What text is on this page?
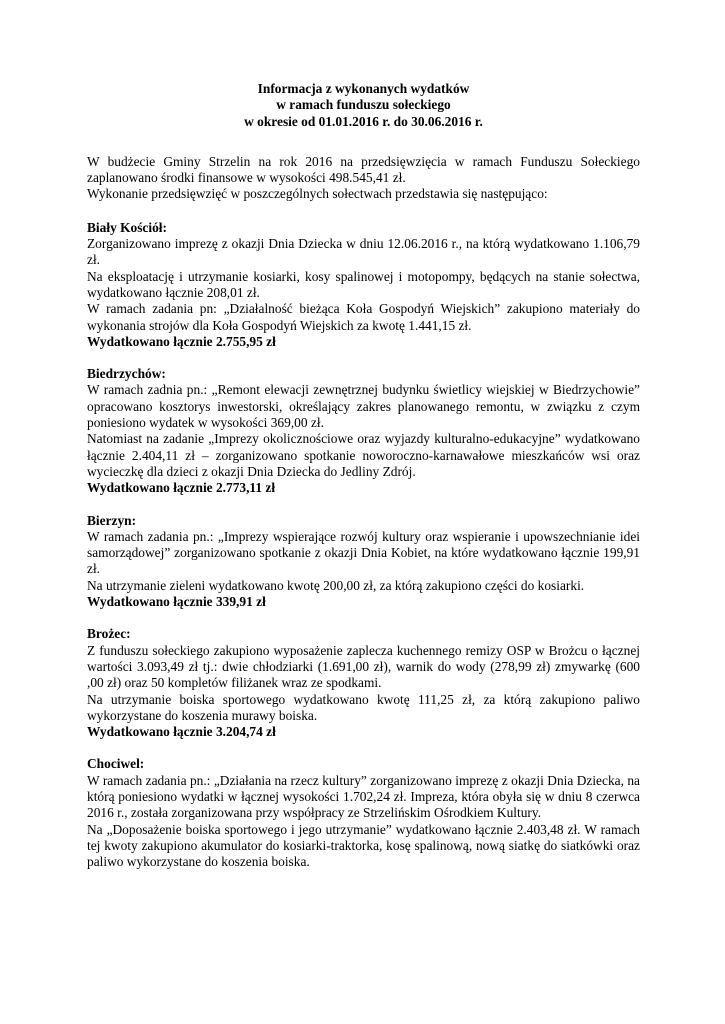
Informacja z wykonanych wydatków
w ramach funduszu sołeckiego
w okresie od 01.01.2016 r. do 30.06.2016 r.

W budżecie Gminy Strzelin na rok 2016 na przedsięwzięcia w ramach Funduszu Sołeckiego zaplanowano środki finansowe w wysokości 498.545,41 zł.

Wykonanie przedsięwzięć w poszczególnych sołectwach przedstawia się następująco:

Biały Kościół:

Zorganizowano imprezę z okazji Dnia Dziecka w dniu 12.06.2016 r., na którą wydatkowano 1.106,79 zł.

Na eksploatację i utrzymanie kosiarki, kosy spalinowej i motopompy, będących na stanie sołectwa, wydatkowano łącznie 208,01 zł.

W ramach zadania pn: „Działalność bieżąca Koła Gospodyń Wiejskich” zakupiono materiały do wykonania strojów dla Koła Gospodyń Wiejskich za kwotę 1.441,15 zł.

Wydatkowano łącznie 2.755,95 zł
Biedrzychów:

W ramach zadnia pn.: „Remont elewacji zewnętrznej budynku świetlicy wiejskiej w Biedrzychowie” opracowano kosztorys inwestorski, określający zakres planowanego remontu, w związku z czym poniesiono wydatek w wysokości 369,00 zł.

Natomiast na zadanie „Imprezy okolicznościowe oraz wyjazdy kulturalno-edukacyjne” wydatkowano łącznie 2.404,11 zł – zorganizowano spotkanie noworoczno-karnawałowe mieszkańców wsi oraz wycieczkę dla dzieci z okazji Dnia Dziecka do Jedliny Zdrój.

Wydatkowano łącznie 2.773,11 zł
Bierzyn:

W ramach zadania pn.: „Imprezy wspierające rozwój kultury oraz wspieranie i upowszechnianie idei samorządowej” zorganizowano spotkanie z okazji Dnia Kobiet, na które wydatkowano łącznie 199,91 zł.

Na utrzymanie zieleni wydatkowano kwotę 200,00 zł, za którą zakupiono części do kosiarki.

Wydatkowano łącznie 339,91 zł
Brożec:

Z funduszu sołeckiego zakupiono wyposażenie zaplecza kuchennego remizy OSP w Brożcu o łącznej wartości 3.093,49 zł tj.: dwie chłodziarki (1.691,00 zł), warnik do wody (278,99 zł) zmywarkę (600 ,00 zł) oraz 50 kompletów filiżanek wraz ze spodkami.

Na utrzymanie boiska sportowego wydatkowano kwotę 111,25 zł, za którą zakupiono paliwo wykorzystane do koszenia murawy boiska.

Wydatkowano łącznie 3.204,74 zł
Chociwel:

W ramach zadania pn.: „Działania na rzecz kultury” zorganizowano imprezę z okazji Dnia Dziecka, na którą poniesiono wydatki w łącznej wysokości 1.702,24 zł. Impreza, która obyła się w dniu 8 czerwca 2016 r., została zorganizowana przy współpracy ze Strzelińskim Ośrodkiem Kultury.

Na „Doposażenie boiska sportowego i jego utrzymanie” wydatkowano łącznie 2.403,48 zł. W ramach tej kwoty zakupiono akumulator do kosiarki-traktorka, kosę spalinową, nową siatkę do siatkówki oraz paliwo wykorzystane do koszenia boiska.
